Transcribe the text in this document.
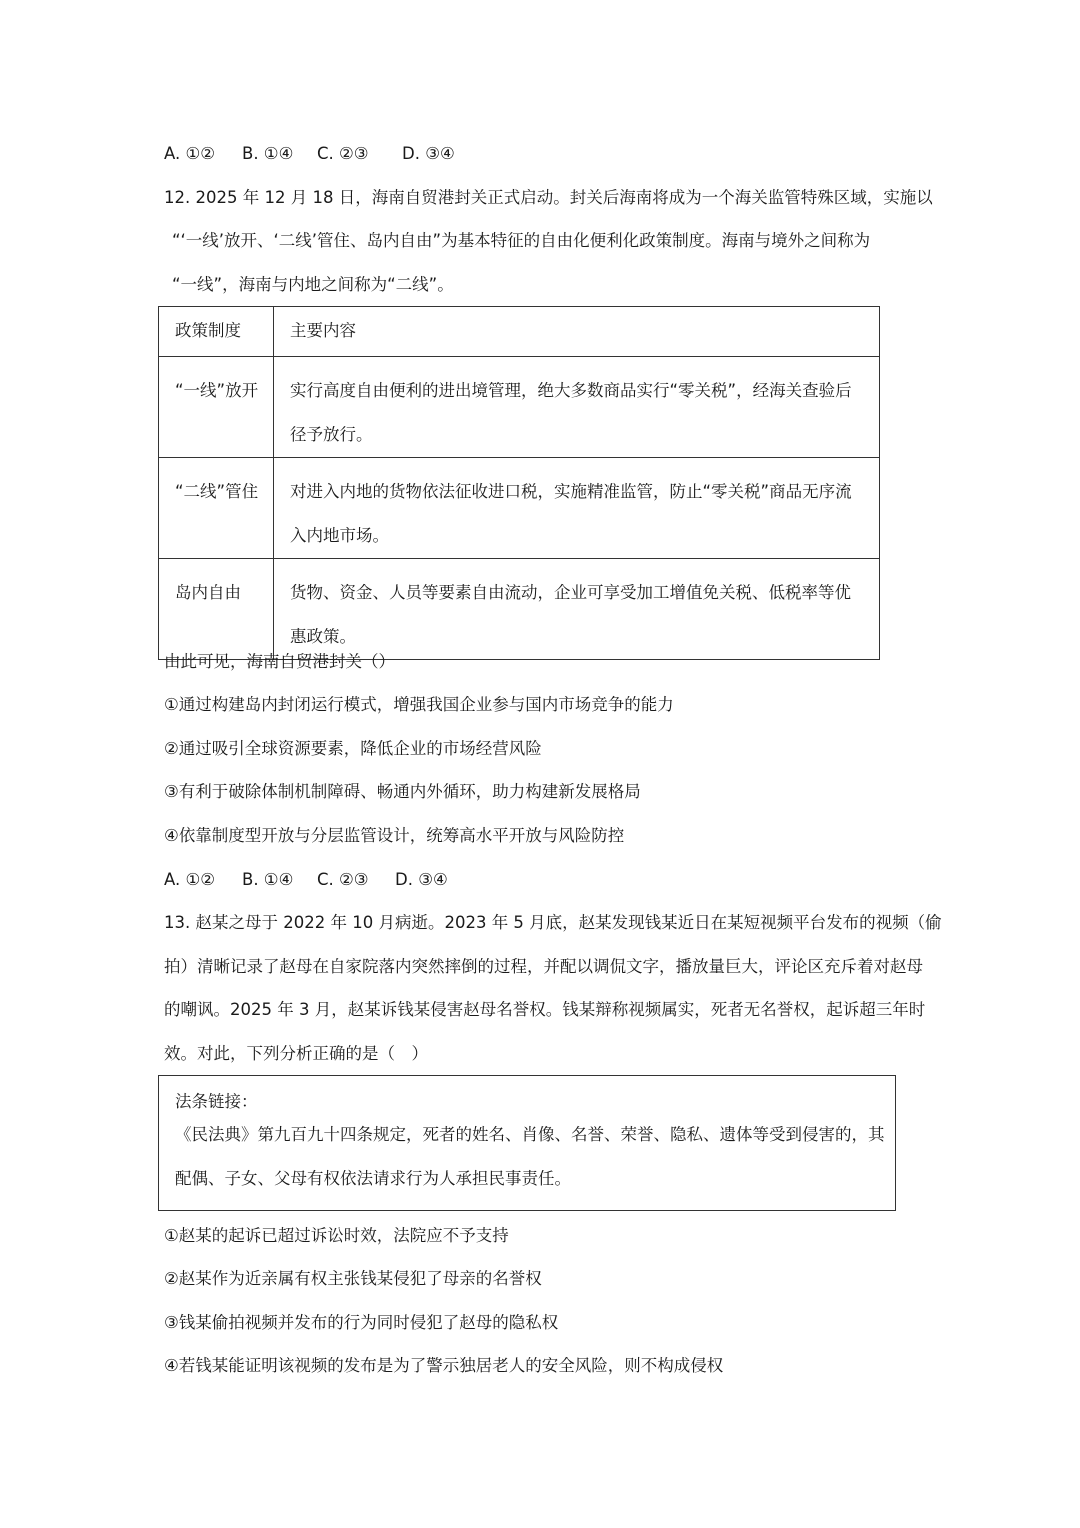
A. ①② B. ①④ C. ②③ D. ③④
12. 2025 年 12 月 18 日，海南自贸港封关正式启动。封关后海南将成为一个海关监管特殊区域，实施以
“‘一线’放开、‘二线’管住、岛内自由”为基本特征的自由化便利化政策制度。海南与境外之间称为
“一线”，海南与内地之间称为“二线”。
政策制度	主要内容
“一线”放开	实行高度自由便利的进出境管理，绝大多数商品实行“零关税”，经海关查验后径予放行。
“二线”管住	对进入内地的货物依法征收进口税，实施精准监管，防止“零关税”商品无序流入内地市场。
岛内自由	货物、资金、人员等要素自由流动，企业可享受加工增值免关税、低税率等优惠政策。
由此可见，海南自贸港封关（）
①通过构建岛内封闭运行模式，增强我国企业参与国内市场竞争的能力
②通过吸引全球资源要素，降低企业的市场经营风险
③有利于破除体制机制障碍、畅通内外循环，助力构建新发展格局
④依靠制度型开放与分层监管设计，统筹高水平开放与风险防控
A. ①② B. ①④ C. ②③ D. ③④
13. 赵某之母于 2022 年 10 月病逝。2023 年 5 月底，赵某发现钱某近日在某短视频平台发布的视频（偷
拍）清晰记录了赵母在自家院落内突然摔倒的过程，并配以调侃文字，播放量巨大，评论区充斥着对赵母
的嘲讽。2025 年 3 月，赵某诉钱某侵害赵母名誉权。钱某辩称视频属实，死者无名誉权，起诉超三年时
效。对此，下列分析正确的是（　）
法条链接：
《民法典》第九百九十四条规定，死者的姓名、肖像、名誉、荣誉、隐私、遗体等受到侵害的，其
配偶、子女、父母有权依法请求行为人承担民事责任。
①赵某的起诉已超过诉讼时效，法院应不予支持
②赵某作为近亲属有权主张钱某侵犯了母亲的名誉权
③钱某偷拍视频并发布的行为同时侵犯了赵母的隐私权
④若钱某能证明该视频的发布是为了警示独居老人的安全风险，则不构成侵权
